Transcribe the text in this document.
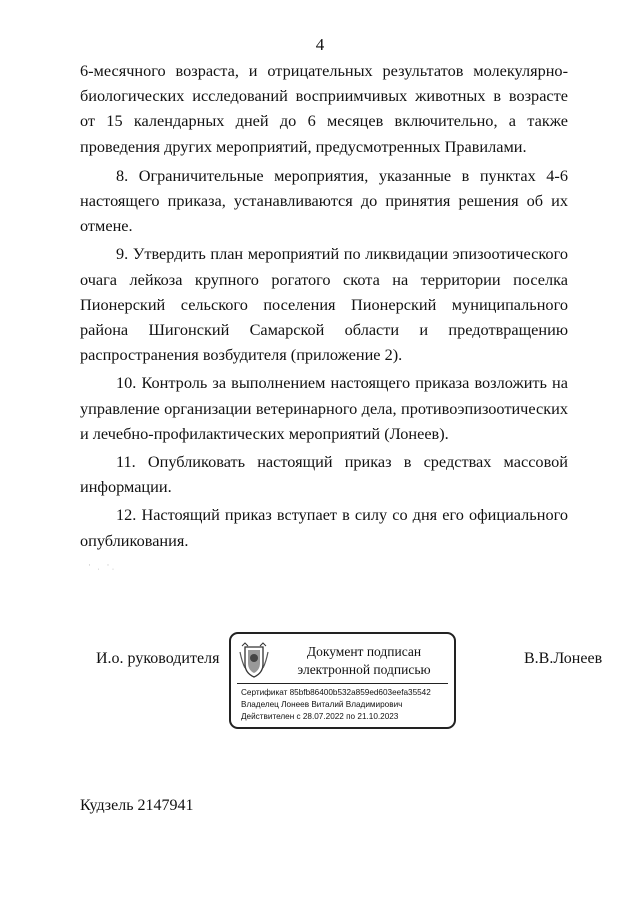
4

6-месячного возраста, и отрицательных результатов молекулярно-биологических исследований восприимчивых животных в возрасте от 15 календарных дней до 6 месяцев включительно, а также проведения других мероприятий, предусмотренных Правилами.

8. Ограничительные мероприятия, указанные в пунктах 4-6 настоящего приказа, устанавливаются до принятия решения об их отмене.

9. Утвердить план мероприятий по ликвидации эпизоотического очага лейкоза крупного рогатого скота на территории поселка Пионерский сельского поселения Пионерский муниципального района Шигонский Самарской области и предотвращению распространения возбудителя (приложение 2).

10. Контроль за выполнением настоящего приказа возложить на управление организации ветеринарного дела, противоэпизоотических и лечебно-профилактических мероприятий (Лонеев).

11. Опубликовать настоящий приказ в средствах массовой информации.

12. Настоящий приказ вступает в силу со дня его официального опубликования.

· ˌ ·ˌ
И.о. руководителя	Документ подписан
электронной подписью
Сертификат 85bfb86400b532a859ed603eefa35542
Владелец Лонеев Виталий Владимирович
Действителен с 28.07.2022 по 21.10.2023
В.В.Лонеев
Кудзель 2147941
